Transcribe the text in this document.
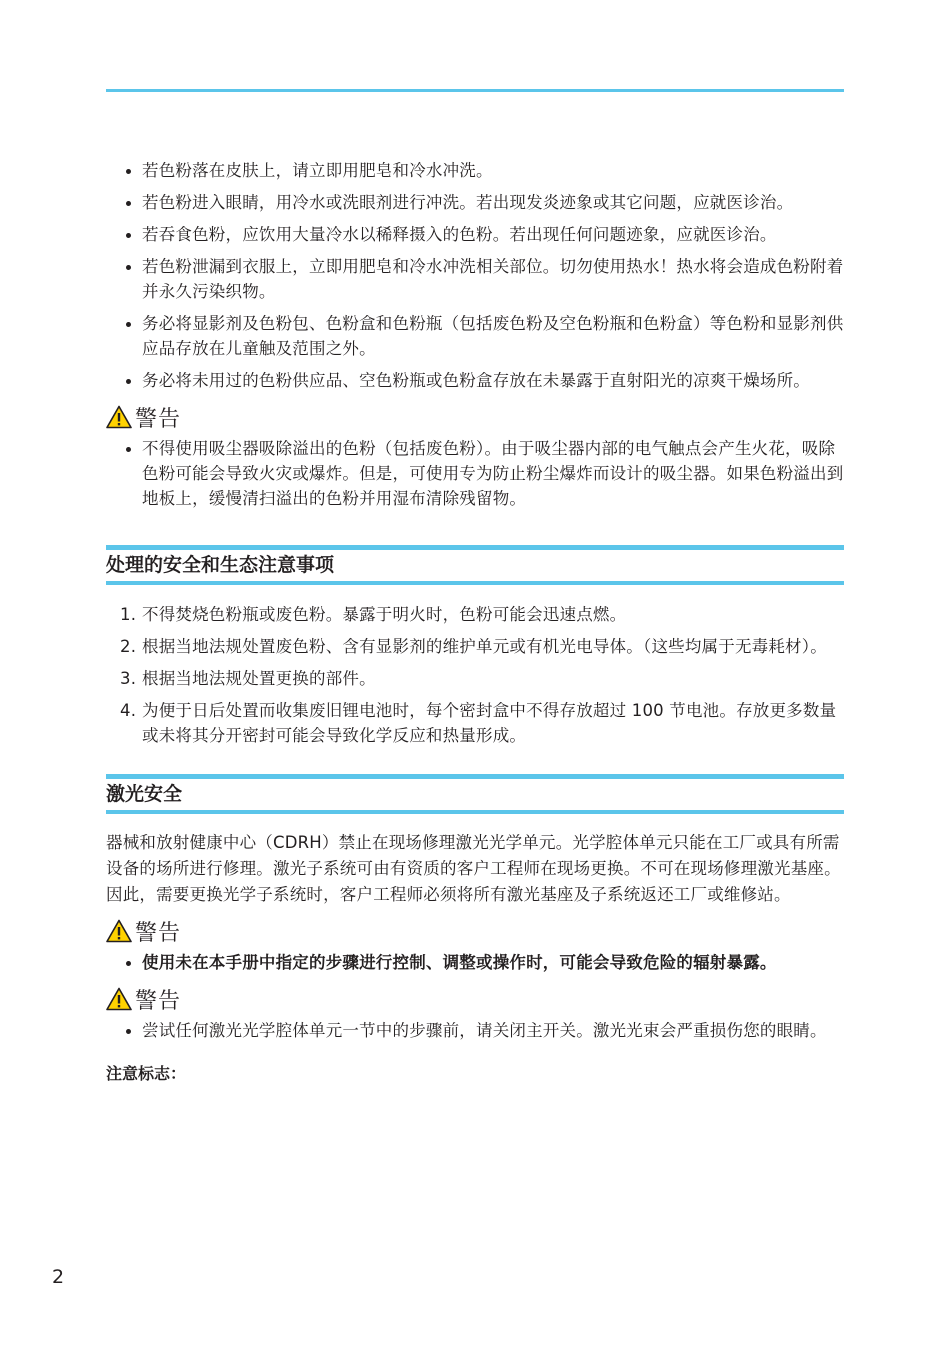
若色粉落在皮肤上，请立即用肥皂和冷水冲洗。
若色粉进入眼睛，用冷水或洗眼剂进行冲洗。若出现发炎迹象或其它问题，应就医诊治。
若吞食色粉，应饮用大量冷水以稀释摄入的色粉。若出现任何问题迹象，应就医诊治。
若色粉泄漏到衣服上，立即用肥皂和冷水冲洗相关部位。切勿使用热水！热水将会造成色粉附着并永久污染织物。
务必将显影剂及色粉包、色粉盒和色粉瓶（包括废色粉及空色粉瓶和色粉盒）等色粉和显影剂供应品存放在儿童触及范围之外。
务必将未用过的色粉供应品、空色粉瓶或色粉盒存放在未暴露于直射阳光的凉爽干燥场所。
警告
不得使用吸尘器吸除溢出的色粉（包括废色粉）。由于吸尘器内部的电气触点会产生火花，吸除色粉可能会导致火灾或爆炸。但是，可使用专为防止粉尘爆炸而设计的吸尘器。如果色粉溢出到地板上，缓慢清扫溢出的色粉并用湿布清除残留物。
处理的安全和生态注意事项
1. 不得焚烧色粉瓶或废色粉。暴露于明火时，色粉可能会迅速点燃。
2. 根据当地法规处置废色粉、含有显影剂的维护单元或有机光电导体。（这些均属于无毒耗材）。
3. 根据当地法规处置更换的部件。
4. 为便于日后处置而收集废旧锂电池时，每个密封盒中不得存放超过 100 节电池。存放更多数量或未将其分开密封可能会导致化学反应和热量形成。
激光安全
器械和放射健康中心（CDRH）禁止在现场修理激光光学单元。光学腔体单元只能在工厂或具有所需设备的场所进行修理。激光子系统可由有资质的客户工程师在现场更换。不可在现场修理激光基座。因此，需要更换光学子系统时，客户工程师必须将所有激光基座及子系统返还工厂或维修站。
警告
使用未在本手册中指定的步骤进行控制、调整或操作时，可能会导致危险的辐射暴露。
警告
尝试任何激光光学腔体单元一节中的步骤前，请关闭主开关。激光光束会严重损伤您的眼睛。
注意标志：
2
